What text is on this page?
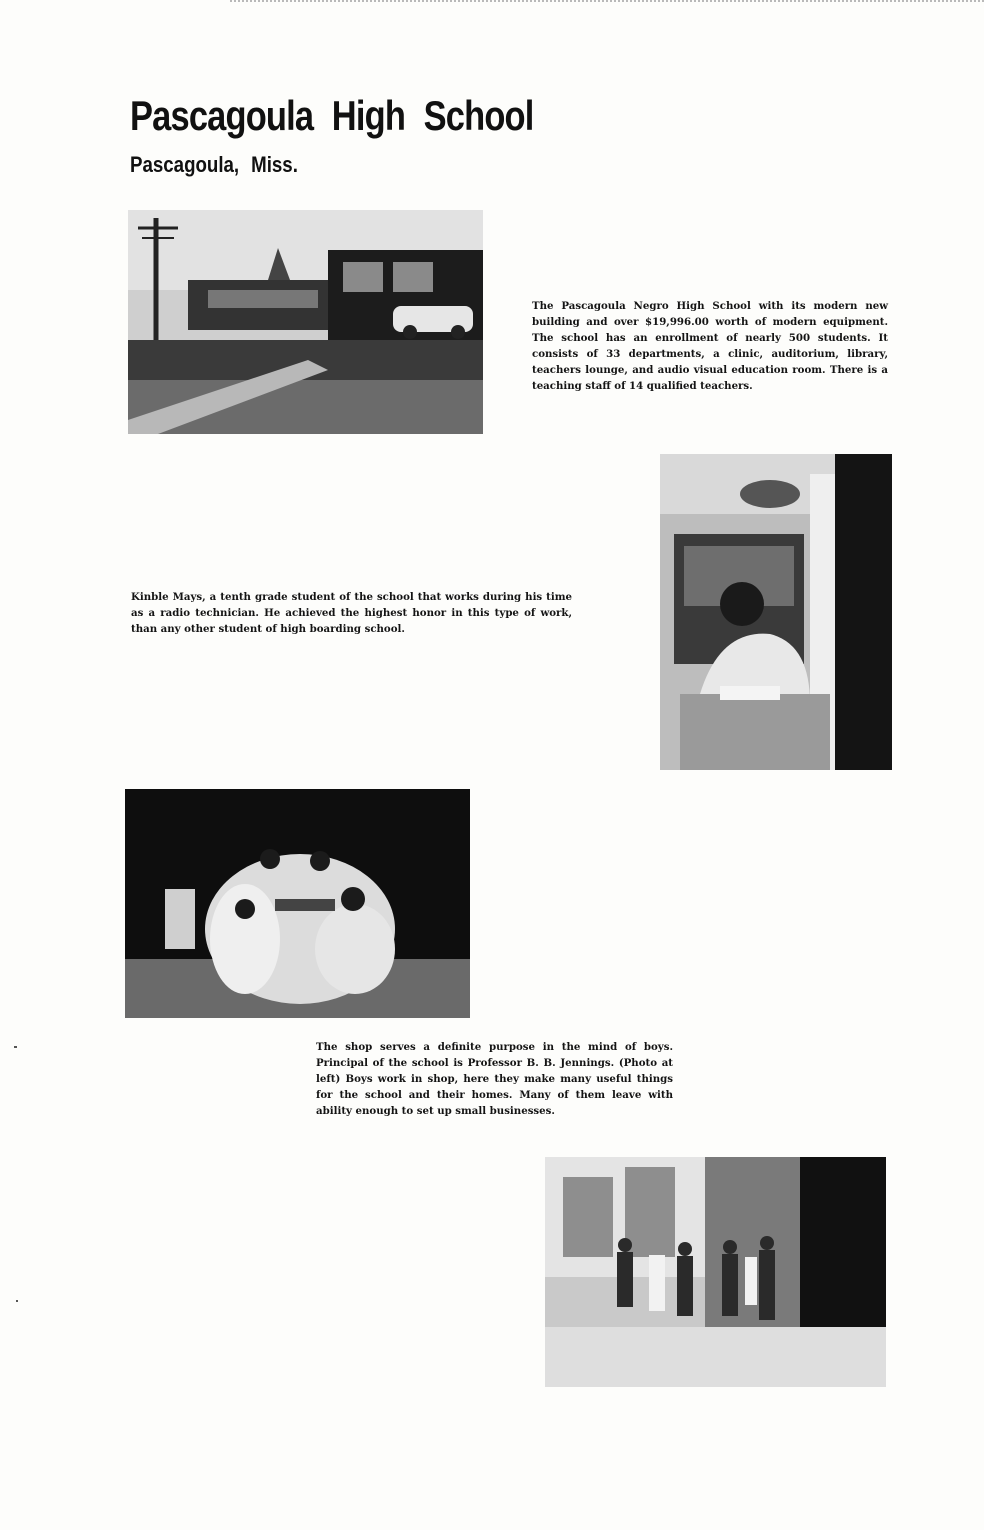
Pascagoula High School
Pascagoula, Miss.

The Pascagoula Negro High School with its modern new building and over $19,996.00 worth of modern equipment. The school has an enrollment of nearly 500 students. It consists of 33 departments, a clinic, auditorium, library, teachers lounge, and audio visual education room. There is a teaching staff of 14 qualified teachers.

Kinble Mays, a tenth grade student of the school that works during his time as a radio technician. He achieved the highest honor in this type of work, than any other student of high boarding school.

The shop serves a definite purpose in the mind of boys. Principal of the school is Professor B. B. Jennings. (Photo at left) Boys work in shop, here they make many useful things for the school and their homes. Many of them leave with ability enough to set up small businesses.
